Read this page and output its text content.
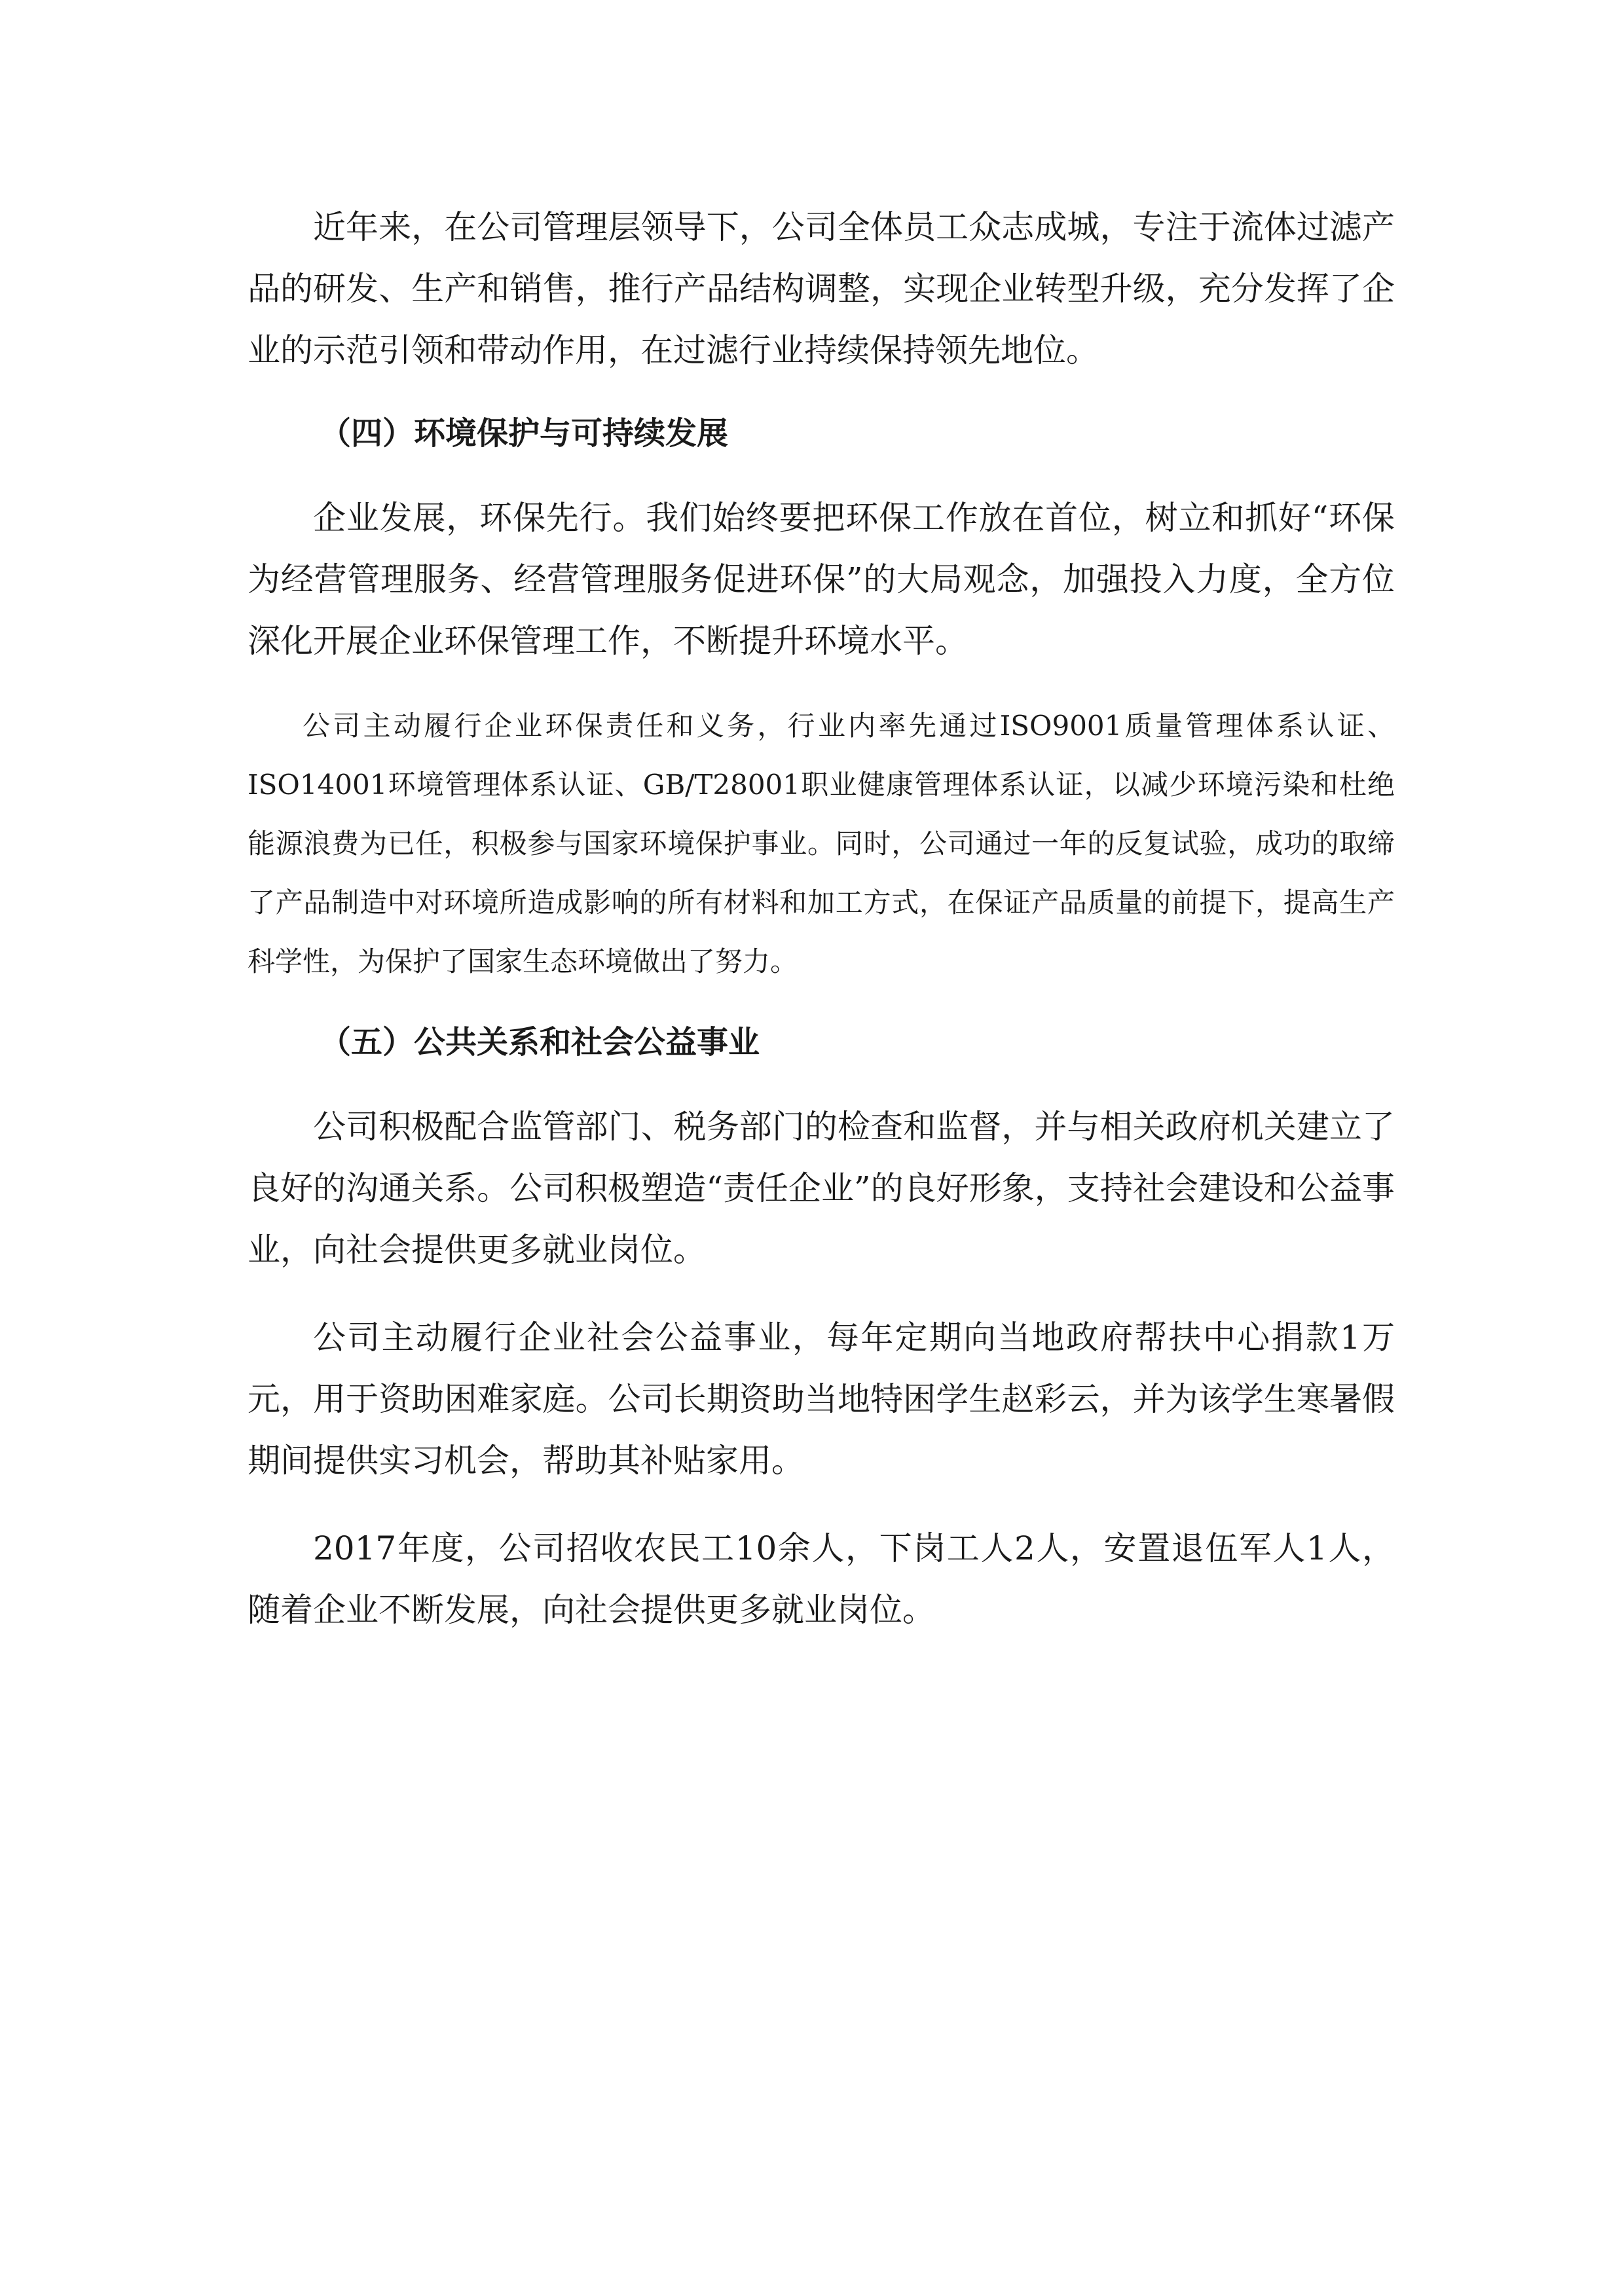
近年来，在公司管理层领导下，公司全体员工众志成城，专注于流体过滤产品的研发、生产和销售，推行产品结构调整，实现企业转型升级，充分发挥了企业的示范引领和带动作用，在过滤行业持续保持领先地位。

（四）环境保护与可持续发展

企业发展，环保先行。我们始终要把环保工作放在首位，树立和抓好“环保为经营管理服务、经营管理服务促进环保”的大局观念，加强投入力度，全方位深化开展企业环保管理工作，不断提升环境水平。

公司主动履行企业环保责任和义务，行业内率先通过ISO9001质量管理体系认证、ISO14001环境管理体系认证、GB/T28001职业健康管理体系认证，以减少环境污染和杜绝能源浪费为已任，积极参与国家环境保护事业。同时，公司通过一年的反复试验，成功的取缔了产品制造中对环境所造成影响的所有材料和加工方式，在保证产品质量的前提下，提高生产科学性，为保护了国家生态环境做出了努力。

（五）公共关系和社会公益事业

公司积极配合监管部门、税务部门的检查和监督，并与相关政府机关建立了良好的沟通关系。公司积极塑造“责任企业”的良好形象，支持社会建设和公益事业，向社会提供更多就业岗位。

公司主动履行企业社会公益事业，每年定期向当地政府帮扶中心捐款1万元，用于资助困难家庭。公司长期资助当地特困学生赵彩云，并为该学生寒暑假期间提供实习机会，帮助其补贴家用。

2017年度，公司招收农民工10余人，下岗工人2人，安置退伍军人1人，随着企业不断发展，向社会提供更多就业岗位。
